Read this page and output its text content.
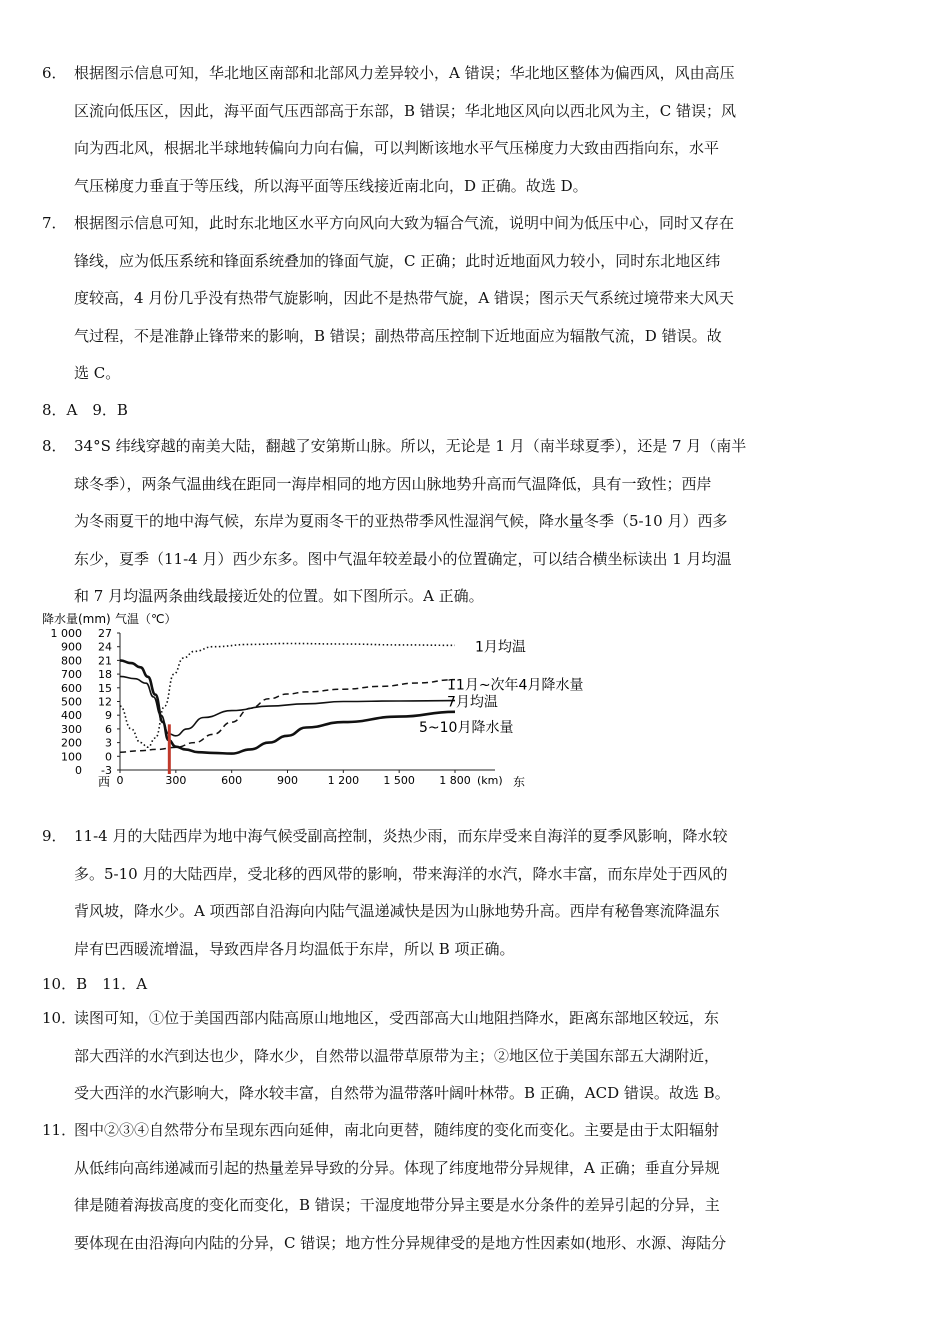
6． 根据图示信息可知，华北地区南部和北部风力差异较小，A 错误；华北地区整体为偏西风，风由高压
区流向低压区，因此，海平面气压西部高于东部，B 错误；华北地区风向以西北风为主，C 错误；风
向为西北风，根据北半球地转偏向力向右偏，可以判断该地水平气压梯度力大致由西指向东，水平
气压梯度力垂直于等压线，所以海平面等压线接近南北向，D 正确。故选 D。
7． 根据图示信息可知，此时东北地区水平方向风向大致为辐合气流，说明中间为低压中心，同时又存在
锋线，应为低压系统和锋面系统叠加的锋面气旋，C 正确；此时近地面风力较小，同时东北地区纬
度较高，4 月份几乎没有热带气旋影响，因此不是热带气旋，A 错误；图示天气系统过境带来大风天
气过程，不是准静止锋带来的影响，B 错误；副热带高压控制下近地面应为辐散气流，D 错误。故
选 C。
8．A　9．B
8． 34°S 纬线穿越的南美大陆，翻越了安第斯山脉。所以，无论是 1 月（南半球夏季），还是 7 月（南半
球冬季），两条气温曲线在距同一海岸相同的地方因山脉地势升高而气温降低，具有一致性；西岸
为冬雨夏干的地中海气候，东岸为夏雨冬干的亚热带季风性湿润气候，降水量冬季（5-10 月）西多
东少，夏季（11-4 月）西少东多。图中气温年较差最小的位置确定，可以结合横坐标读出 1 月均温
和 7 月均温两条曲线最接近处的位置。如下图所示。A 正确。
降水量(mm) 气温（℃）
1 000 27
900 24
800 21
700 18
600 15
500 12
400 9
300 6
200 3
100 0
0 -3
0	300	600	900	1 200 1 500 1 800
西	(km) 东
1月均温
11月~次年4月降水量
7月均温
5~10月降水量
9． 11-4 月的大陆西岸为地中海气候受副高控制，炎热少雨，而东岸受来自海洋的夏季风影响，降水较
多。5-10 月的大陆西岸，受北移的西风带的影响，带来海洋的水汽，降水丰富，而东岸处于西风的
背风坡，降水少。A 项西部自沿海向内陆气温递减快是因为山脉地势升高。西岸有秘鲁寒流降温东
岸有巴西暖流增温，导致西岸各月均温低于东岸，所以 B 项正确。
10．B　11．A
10．
读图可知，①位于美国西部内陆高原山地地区，受西部高大山地阻挡降水，距离东部地区较远，东
部大西洋的水汽到达也少，降水少，自然带以温带草原带为主；②地区位于美国东部五大湖附近，
受大西洋的水汽影响大，降水较丰富，自然带为温带落叶阔叶林带。B 正确，ACD 错误。故选 B。
11．
图中②③④自然带分布呈现东西向延伸，南北向更替，随纬度的变化而变化。主要是由于太阳辐射
从低纬向高纬递减而引起的热量差异导致的分异。体现了纬度地带分异规律，A 正确；垂直分异规
律是随着海拔高度的变化而变化，B 错误；干湿度地带分异主要是水分条件的差异引起的分异，主
要体现在由沿海向内陆的分异，C 错误；地方性分异规律受的是地方性因素如(地形、水源、海陆分
